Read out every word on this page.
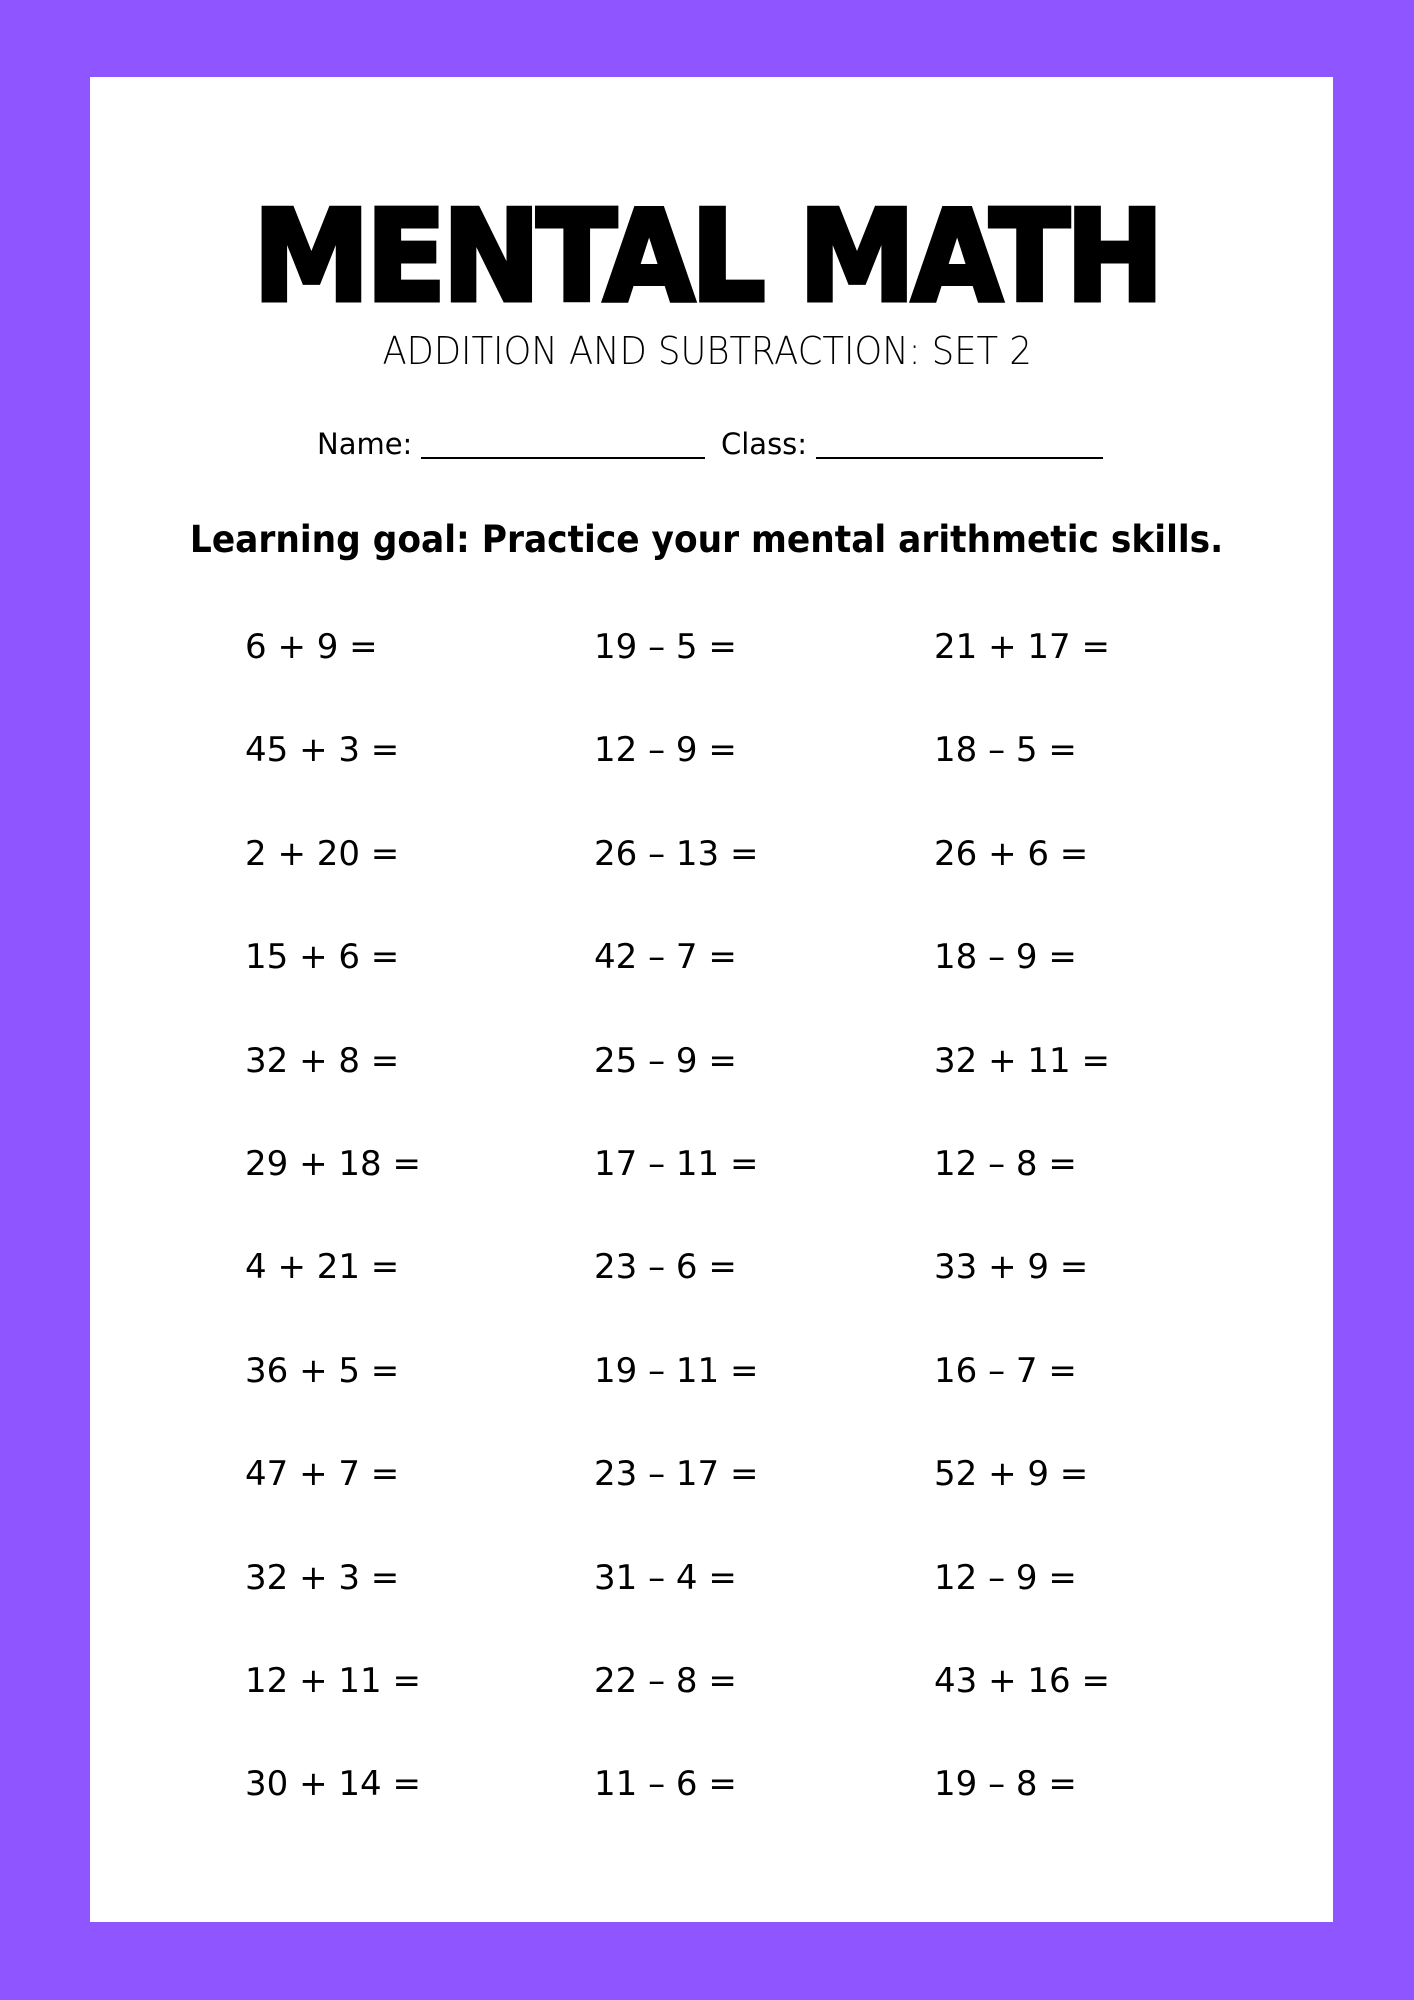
MENTAL MATH
ADDITION AND SUBTRACTION: SET 2
Name:	Class:
Learning goal: Practice your mental arithmetic skills.
6 + 9 =
45 + 3 =
2 + 20 =
15 + 6 =
32 + 8 =
29 + 18 =
4 + 21 =
36 + 5 =
47 + 7 =
32 + 3 =
12 + 11 =
30 + 14 =
19 – 5 =
12 – 9 =
26 – 13 =
42 – 7 =
25 – 9 =
17 – 11 =
23 – 6 =
19 – 11 =
23 – 17 =
31 – 4 =
22 – 8 =
11 – 6 =
21 + 17 =
18 – 5 =
26 + 6 =
18 – 9 =
32 + 11 =
12 – 8 =
33 + 9 =
16 – 7 =
52 + 9 =
12 – 9 =
43 + 16 =
19 – 8 =
